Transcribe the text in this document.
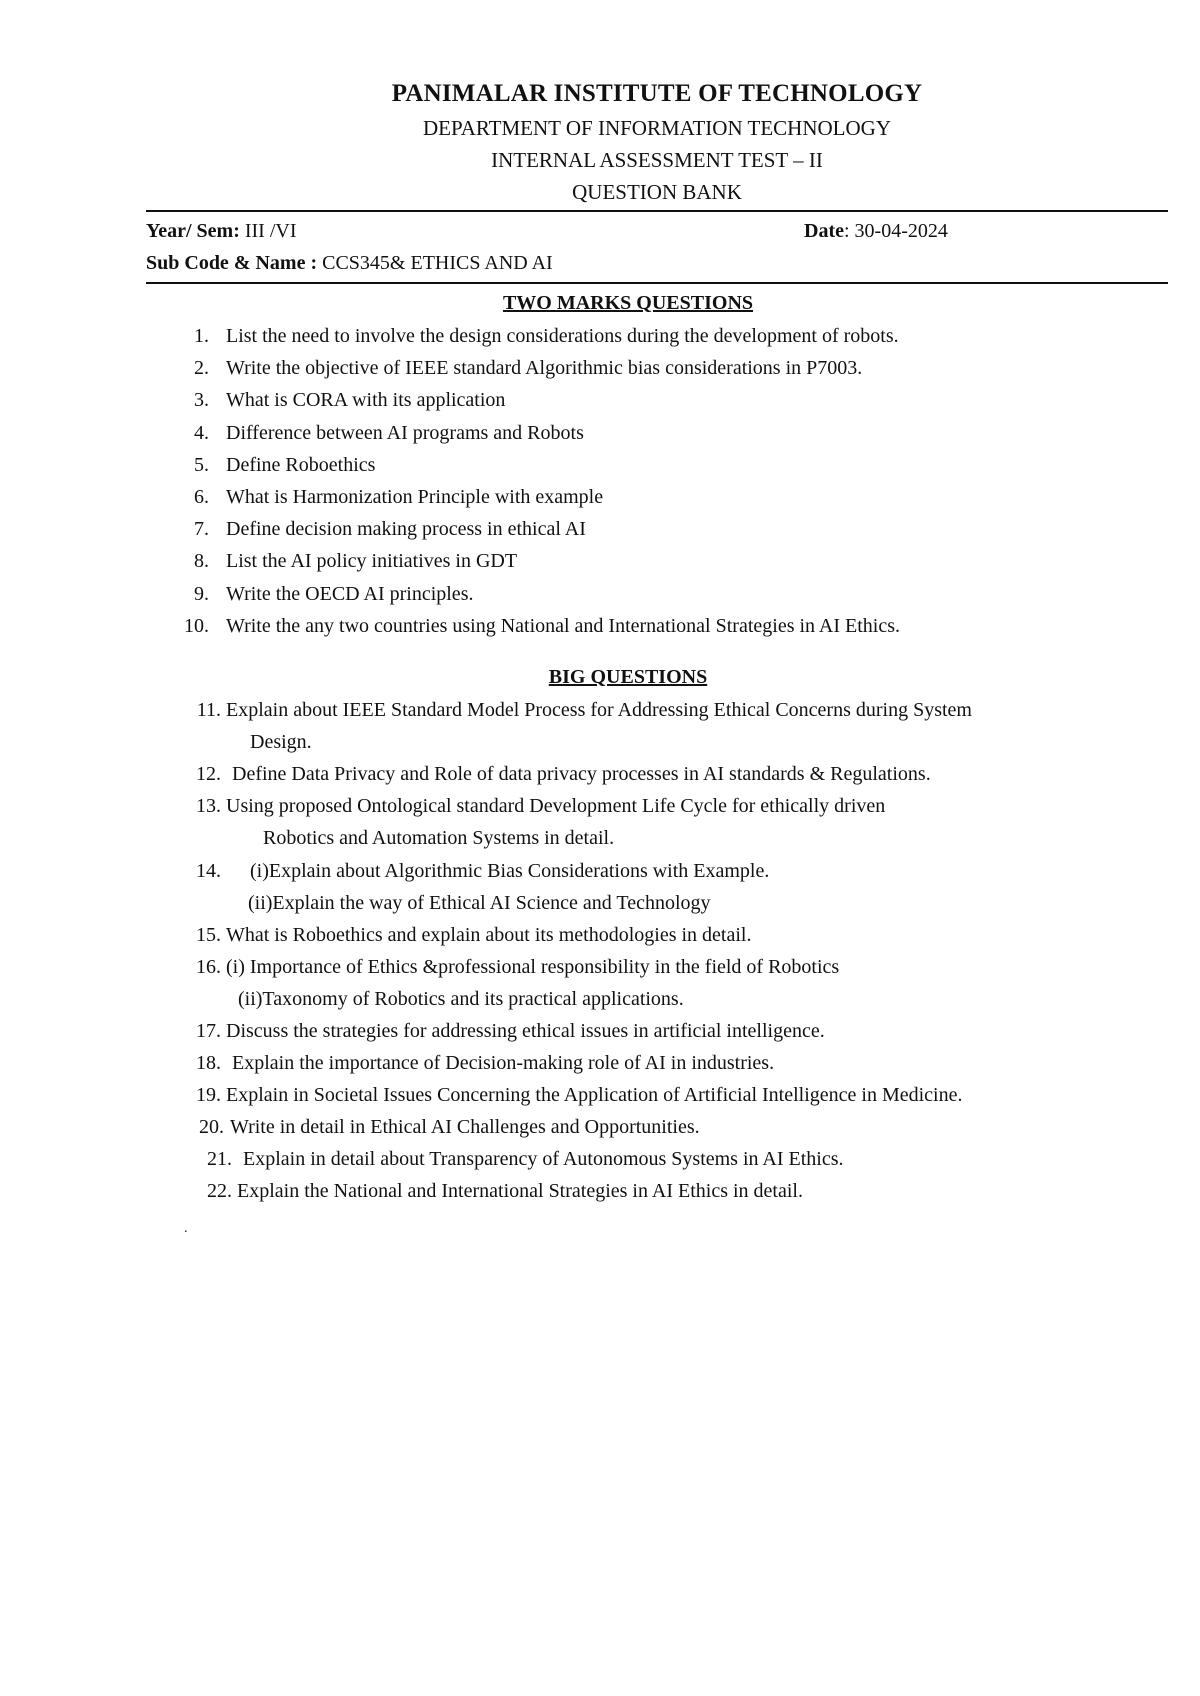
PANIMALAR INSTITUTE OF TECHNOLOGY
DEPARTMENT OF INFORMATION TECHNOLOGY
INTERNAL ASSESSMENT TEST – II
QUESTION BANK
Year/ Sem: III /VI	Date: 30-04-2024
Sub Code & Name : CCS345& ETHICS AND AI
TWO MARKS QUESTIONS
1. List the need to involve the design considerations during the development of robots.
2. Write the objective of IEEE standard Algorithmic bias considerations in P7003.
3. What is CORA with its application
4. Difference between AI programs and Robots
5. Define Roboethics
6. What is Harmonization Principle with example
7. Define decision making process in ethical AI
8. List the AI policy initiatives in GDT
9. Write the OECD AI principles.
10. Write the any two countries using National and International Strategies in AI Ethics.
BIG QUESTIONS
11. Explain about IEEE Standard Model Process for Addressing Ethical Concerns during System
Design.
12. Define Data Privacy and Role of data privacy processes in AI standards & Regulations.
13. Using proposed Ontological standard Development Life Cycle for ethically driven
Robotics and Automation Systems in detail.
14. (i)Explain about Algorithmic Bias Considerations with Example.
(ii)Explain the way of Ethical AI Science and Technology
15. What is Roboethics and explain about its methodologies in detail.
16. (i) Importance of Ethics &professional responsibility in the field of Robotics
(ii)Taxonomy of Robotics and its practical applications.
17. Discuss the strategies for addressing ethical issues in artificial intelligence.
18. Explain the importance of Decision-making role of AI in industries.
19. Explain in Societal Issues Concerning the Application of Artificial Intelligence in Medicine.
20. Write in detail in Ethical AI Challenges and Opportunities.
21. Explain in detail about Transparency of Autonomous Systems in AI Ethics.
22. Explain the National and International Strategies in AI Ethics in detail.
.
